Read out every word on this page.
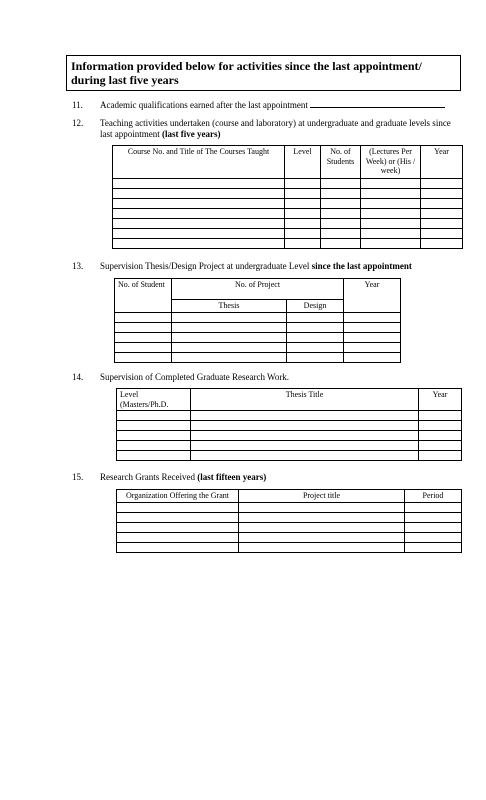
Information provided below for activities since the last appointment/
during last five years
11.	Academic qualifications earned after the last appointment
12.	Teaching activities undertaken (course and laboratory) at undergraduate and graduate levels since last appointment (last five years)
Course No. and Title of The Courses Taught	Level	No. of Students	(Lectures Per Week) or (His / week)	Year

13.	Supervision Thesis/Design Project at undergraduate Level since the last appointment
No. of Student	No. of Project		Year
	Thesis	Design	

14.	Supervision of Completed Graduate Research Work.
Level (Masters/Ph.D.	Thesis Title	Year

15.	Research Grants Received (last fifteen years)
Organization Offering the Grant	Project title	Period
